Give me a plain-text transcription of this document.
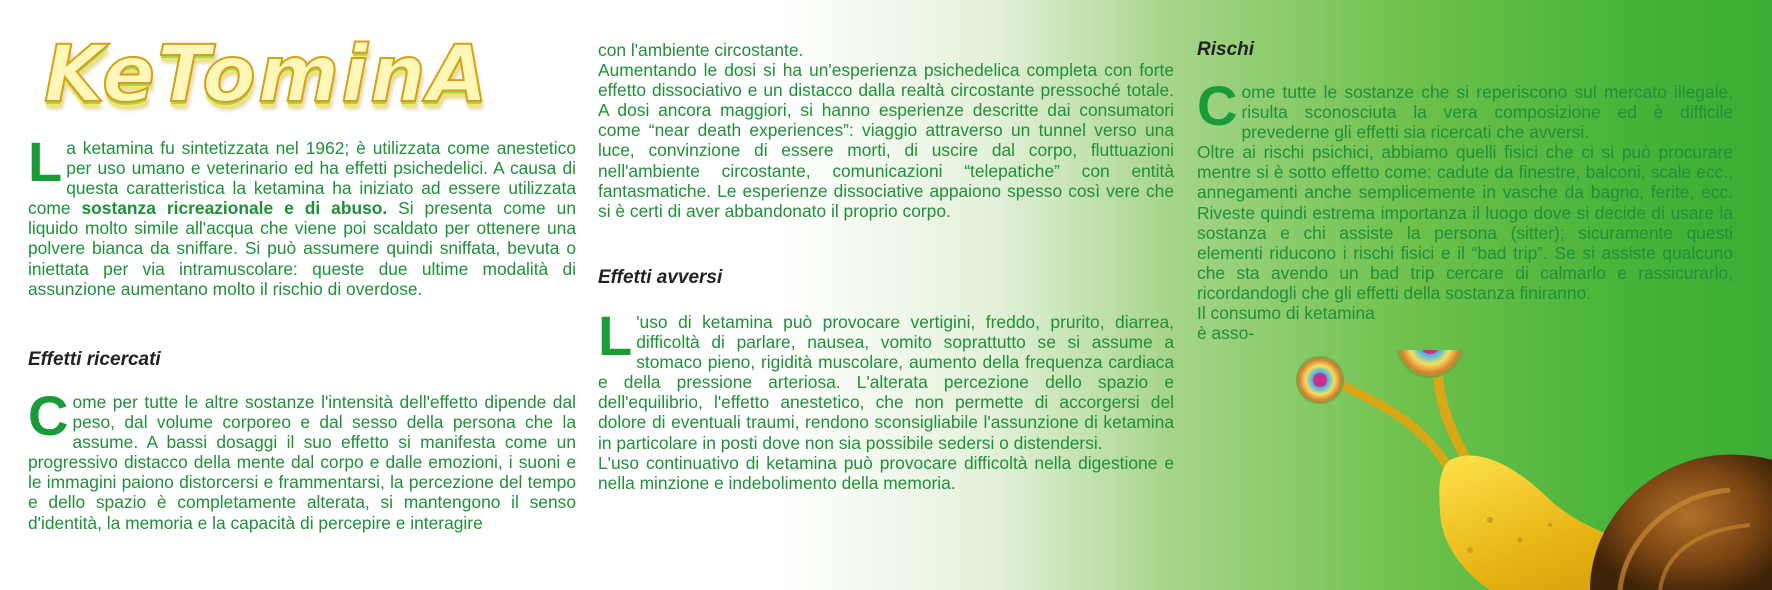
KeTominA

La ketamina fu sintetizzata nel 1962; è utilizzata come anestetico per uso umano e veterinario ed ha effetti psichedelici. A causa di questa caratteristica la ketamina ha iniziato ad essere utilizzata come sostanza ricreazionale e di abuso. Si presenta come un liquido molto simile all'acqua che viene poi scaldato per ottenere una polvere bianca da sniffare. Si può assumere quindi sniffata, bevuta o iniettata per via intramuscolare: queste due ultime modalità di assunzione aumentano molto il rischio di overdose.

Effetti ricercati

Come per tutte le altre sostanze l'intensità dell'effetto dipende dal peso, dal volume corporeo e dal sesso della persona che la assume. A bassi dosaggi il suo effetto si manifesta come un progressivo distacco della mente dal corpo e dalle emozioni, i suoni e le immagini paiono distorcersi e frammentarsi, la percezione del tempo e dello spazio è completamente alterata, si mantengono il senso d'identità, la memoria e la capacità di percepire e interagire

con l'ambiente circostante.

Aumentando le dosi si ha un'esperienza psichedelica completa con forte effetto dissociativo e un distacco dalla realtà circostante pressoché totale. A dosi ancora maggiori, si hanno esperienze descritte dai consumatori come “near death experiences”: viaggio attraverso un tunnel verso una luce, convinzione di essere morti, di uscire dal corpo, fluttuazioni nell'ambiente circostante, comunicazioni “telepatiche” con entità fantasmatiche. Le esperienze dissociative appaiono spesso così vere che si è certi di aver abbandonato il proprio corpo.

Effetti avversi

L 'uso di ketamina può provocare vertigini, freddo, prurito, diarrea, difficoltà di parlare, nausea, vomito soprattutto se si assume a stomaco pieno, rigidità muscolare, aumento della frequenza cardiaca e della pressione arteriosa. L'alterata percezione dello spazio e dell'equilibrio, l'effetto anestetico, che non permette di accorgersi del dolore di eventuali traumi, rendono sconsigliabile l'assunzione di ketamina in particolare in posti dove non sia possibile sedersi o distendersi.

L'uso continuativo di ketamina può provocare difficoltà nella digestione e nella minzione e indebolimento della memoria.

Rischi

Come tutte le sostanze che si reperiscono sul mercato illegale, risulta sconosciuta la vera composizione ed è difficile prevederne gli effetti sia ricercati che avversi.

Oltre ai rischi psichici, abbiamo quelli fisici che ci si può procurare mentre si è sotto effetto come: cadute da finestre, balconi, scale ecc., annegamenti anche semplicemente in vasche da bagno, ferite, ecc. Riveste quindi estrema importanza il luogo dove si decide di usare la sostanza e chi assiste la persona (sitter); sicuramente questi elementi riducono i rischi fisici e il “bad trip”. Se si assiste qualcuno che sta avendo un bad trip cercare di calmarlo e rassicurarlo, ricordandogli che gli effetti della sostanza finiranno.

Il consumo di ketamina

è asso-
